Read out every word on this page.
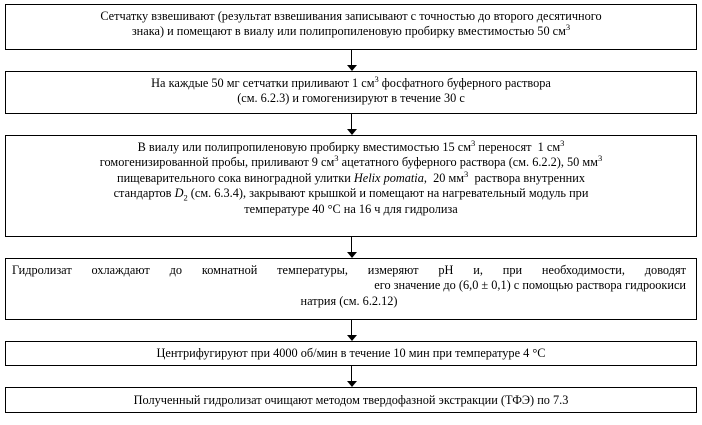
Сетчатку взвешивают (результат взвешивания записывают с точностью до второго десятичного

знака) и помещают в виалу или полипропиленовую пробирку вместимостью 50 $см^3$

На каждые 50 мг сетчатки приливают 1 $см^3$ фосфатного буферного раствора

(см. 6.2.3) и гомогенизируют в течение 30 с

В виалу или полипропиленовую пробирку вместимостью 15 $см^3$ переносят  1 $см^3$

гомогенизированной пробы, приливают 9 $см^3$ ацетатного буферного раствора (см. 6.2.2), 50 $мм^3$

пищеварительного сока виноградной улитки Helix pomatia,  20 $мм^3$  раствора внутренних

стандартов $D_2$ (см. 6.3.4), закрывают крышкой и помещают на нагревательный модуль при

температуре 40 °С на 16 ч для гидролиза

Гидролизат охлаждают до комнатной температуры, измеряют рН и, при необходимости, доводят

его значение до (6,0 ± 0,1) с помощью раствора гидроокиси

натрия (см. 6.2.12)

Центрифугируют при 4000 об/мин в течение 10 мин при температуре 4 °С

Полученный гидролизат очищают методом твердофазной экстракции (ТФЭ) по 7.3
